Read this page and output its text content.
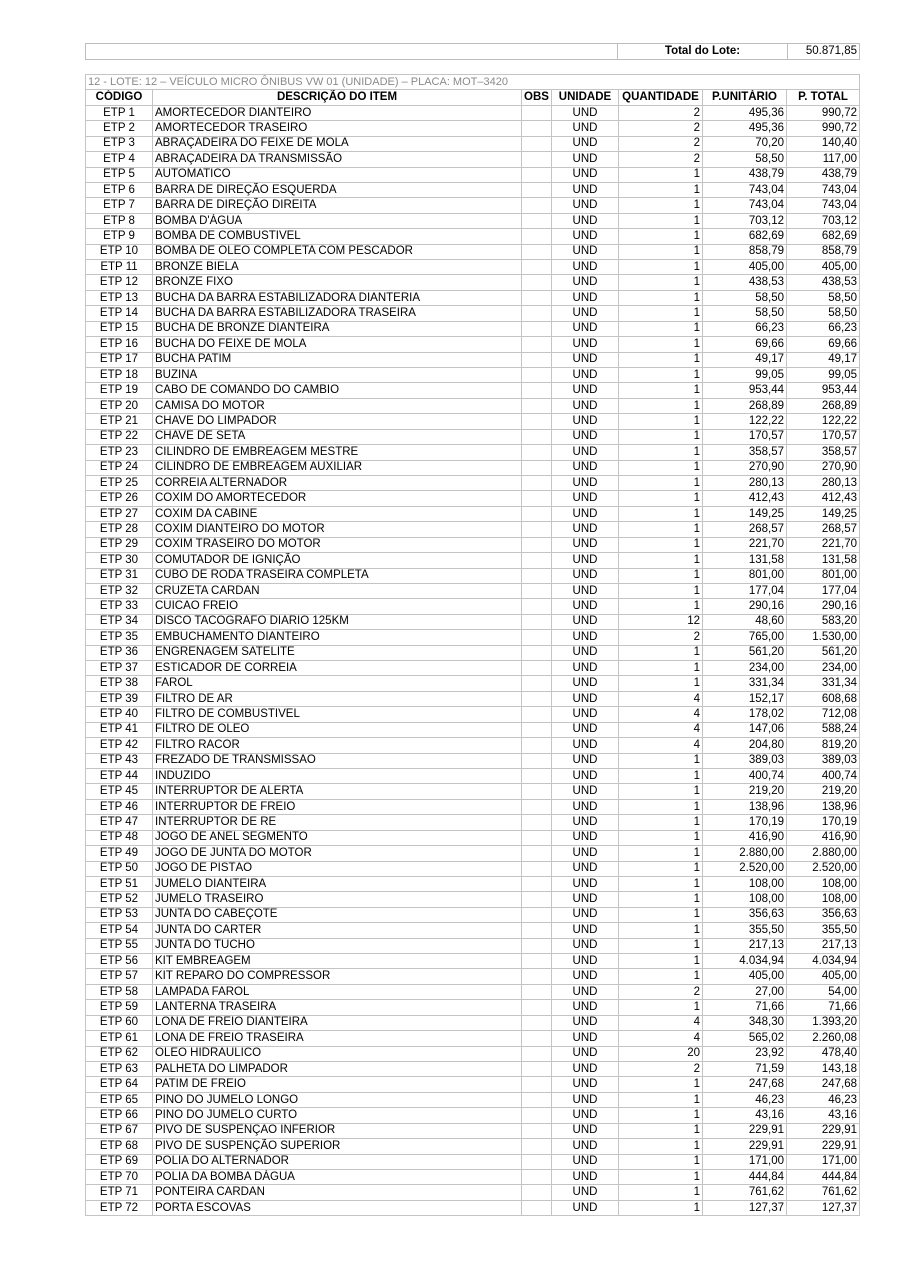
	Total do Lote:	50.871,85
12 - LOTE: 12 – VEÍCULO MICRO ÔNIBUS VW 01 (UNIDADE) – PLACA: MOT–3420						
CÓDIGO	DESCRIÇÃO DO ITEM	OBS	UNIDADE	QUANTIDADE	P.UNITÁRIO	P. TOTAL
ETP 1	AMORTECEDOR DIANTEIRO		UND	2	495,36	990,72
ETP 2	AMORTECEDOR TRASEIRO		UND	2	495,36	990,72
ETP 3	ABRAÇADEIRA DO FEIXE DE MOLA		UND	2	70,20	140,40
ETP 4	ABRAÇADEIRA DA TRANSMISSÃO		UND	2	58,50	117,00
ETP 5	AUTOMATICO		UND	1	438,79	438,79
ETP 6	BARRA DE DIREÇÃO ESQUERDA		UND	1	743,04	743,04
ETP 7	BARRA DE DIREÇÃO DIREITA		UND	1	743,04	743,04
ETP 8	BOMBA D'ÁGUA		UND	1	703,12	703,12
ETP 9	BOMBA DE COMBUSTIVEL		UND	1	682,69	682,69
ETP 10	BOMBA DE OLEO COMPLETA COM PESCADOR		UND	1	858,79	858,79
ETP 11	BRONZE BIELA		UND	1	405,00	405,00
ETP 12	BRONZE FIXO		UND	1	438,53	438,53
ETP 13	BUCHA DA BARRA ESTABILIZADORA DIANTERIA		UND	1	58,50	58,50
ETP 14	BUCHA DA BARRA ESTABILIZADORA TRASEIRA		UND	1	58,50	58,50
ETP 15	BUCHA DE BRONZE DIANTEIRA		UND	1	66,23	66,23
ETP 16	BUCHA DO FEIXE DE MOLA		UND	1	69,66	69,66
ETP 17	BUCHA PATIM		UND	1	49,17	49,17
ETP 18	BUZINA		UND	1	99,05	99,05
ETP 19	CABO DE COMANDO DO CAMBIO		UND	1	953,44	953,44
ETP 20	CAMISA DO MOTOR		UND	1	268,89	268,89
ETP 21	CHAVE DO LIMPADOR		UND	1	122,22	122,22
ETP 22	CHAVE DE SETA		UND	1	170,57	170,57
ETP 23	CILINDRO DE EMBREAGEM MESTRE		UND	1	358,57	358,57
ETP 24	CILINDRO DE EMBREAGEM AUXILIAR		UND	1	270,90	270,90
ETP 25	CORREIA ALTERNADOR		UND	1	280,13	280,13
ETP 26	COXIM DO AMORTECEDOR		UND	1	412,43	412,43
ETP 27	COXIM DA CABINE		UND	1	149,25	149,25
ETP 28	COXIM DIANTEIRO DO MOTOR		UND	1	268,57	268,57
ETP 29	COXIM TRASEIRO DO MOTOR		UND	1	221,70	221,70
ETP 30	COMUTADOR DE IGNIÇÃO		UND	1	131,58	131,58
ETP 31	CUBO DE RODA TRASEIRA COMPLETA		UND	1	801,00	801,00
ETP 32	CRUZETA CARDAN		UND	1	177,04	177,04
ETP 33	CUICAO FREIO		UND	1	290,16	290,16
ETP 34	DISCO TACOGRAFO DIARIO 125KM		UND	12	48,60	583,20
ETP 35	EMBUCHAMENTO DIANTEIRO		UND	2	765,00	1.530,00
ETP 36	ENGRENAGEM SATELITE		UND	1	561,20	561,20
ETP 37	ESTICADOR DE CORREIA		UND	1	234,00	234,00
ETP 38	FAROL		UND	1	331,34	331,34
ETP 39	FILTRO DE AR		UND	4	152,17	608,68
ETP 40	FILTRO DE COMBUSTIVEL		UND	4	178,02	712,08
ETP 41	FILTRO DE OLEO		UND	4	147,06	588,24
ETP 42	FILTRO RACOR		UND	4	204,80	819,20
ETP 43	FREZADO DE TRANSMISSÃO		UND	1	389,03	389,03
ETP 44	INDUZIDO		UND	1	400,74	400,74
ETP 45	INTERRUPTOR DE ALERTA		UND	1	219,20	219,20
ETP 46	INTERRUPTOR DE FREIO		UND	1	138,96	138,96
ETP 47	INTERRUPTOR DE RE		UND	1	170,19	170,19
ETP 48	JOGO DE ANEL SEGMENTO		UND	1	416,90	416,90
ETP 49	JOGO DE JUNTA DO MOTOR		UND	1	2.880,00	2.880,00
ETP 50	JOGO DE PISTÃO		UND	1	2.520,00	2.520,00
ETP 51	JUMELO DIANTEIRA		UND	1	108,00	108,00
ETP 52	JUMELO TRASEIRO		UND	1	108,00	108,00
ETP 53	JUNTA DO CABEÇOTE		UND	1	356,63	356,63
ETP 54	JUNTA DO CARTER		UND	1	355,50	355,50
ETP 55	JUNTA DO TUCHO		UND	1	217,13	217,13
ETP 56	KIT EMBREAGEM		UND	1	4.034,94	4.034,94
ETP 57	KIT REPARO DO COMPRESSOR		UND	1	405,00	405,00
ETP 58	LAMPADA FAROL		UND	2	27,00	54,00
ETP 59	LANTERNA TRASEIRA		UND	1	71,66	71,66
ETP 60	LONA DE FREIO DIANTEIRA		UND	4	348,30	1.393,20
ETP 61	LONA DE FREIO TRASEIRA		UND	4	565,02	2.260,08
ETP 62	OLEO HIDRAULICO		UND	20	23,92	478,40
ETP 63	PALHETA DO LIMPADOR		UND	2	71,59	143,18
ETP 64	PATIM DE FREIO		UND	1	247,68	247,68
ETP 65	PINO DO JUMELO LONGO		UND	1	46,23	46,23
ETP 66	PINO DO JUMELO CURTO		UND	1	43,16	43,16
ETP 67	PIVO DE SUSPENÇÃO INFERIOR		UND	1	229,91	229,91
ETP 68	PIVO DE SUSPENÇÃO SUPERIOR		UND	1	229,91	229,91
ETP 69	POLIA DO ALTERNADOR		UND	1	171,00	171,00
ETP 70	POLIA DA BOMBA DÁGUA		UND	1	444,84	444,84
ETP 71	PONTEIRA CARDAN		UND	1	761,62	761,62
ETP 72	PORTA ESCOVAS		UND	1	127,37	127,37
